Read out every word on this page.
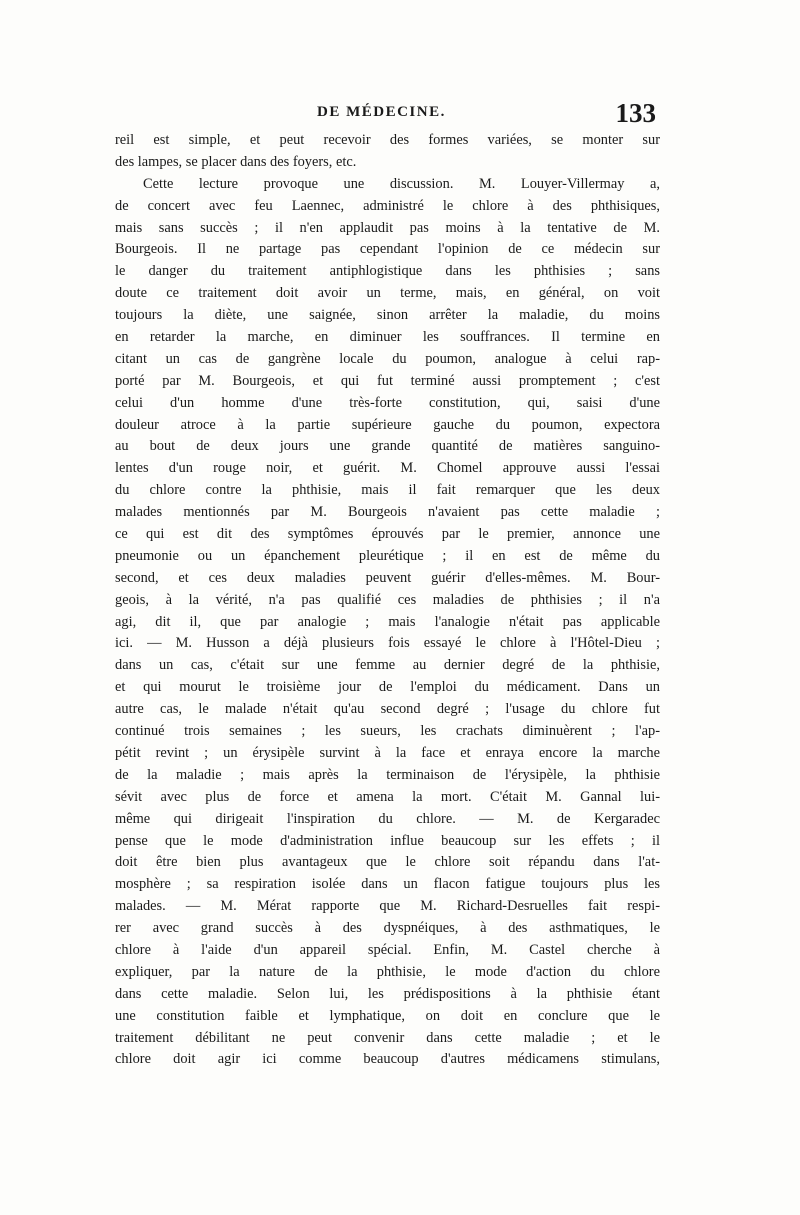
DE MÉDECINE.	133
reil est simple, et peut recevoir des formes variées, se monter sur
des lampes, se placer dans des foyers, etc.
Cette lecture provoque une discussion. M. Louyer-Villermay a,
de concert avec feu Laennec, administré le chlore à des phthisiques,
mais sans succès ; il n'en applaudit pas moins à la tentative de M.
Bourgeois. Il ne partage pas cependant l'opinion de ce médecin sur
le danger du traitement antiphlogistique dans les phthisies ; sans
doute ce traitement doit avoir un terme, mais, en général, on voit
toujours la diète, une saignée, sinon arrêter la maladie, du moins
en retarder la marche, en diminuer les souffrances. Il termine en
citant un cas de gangrène locale du poumon, analogue à celui rap-
porté par M. Bourgeois, et qui fut terminé aussi promptement ; c'est
celui d'un homme d'une très-forte constitution, qui, saisi d'une
douleur atroce à la partie supérieure gauche du poumon, expectora
au bout de deux jours une grande quantité de matières sanguino-
lentes d'un rouge noir, et guérit. M. Chomel approuve aussi l'essai
du chlore contre la phthisie, mais il fait remarquer que les deux
malades mentionnés par M. Bourgeois n'avaient pas cette maladie ;
ce qui est dit des symptômes éprouvés par le premier, annonce une
pneumonie ou un épanchement pleurétique ; il en est de même du
second, et ces deux maladies peuvent guérir d'elles-mêmes. M. Bour-
geois, à la vérité, n'a pas qualifié ces maladies de phthisies ; il n'a
agi, dit il, que par analogie ; mais l'analogie n'était pas applicable
ici. — M. Husson a déjà plusieurs fois essayé le chlore à l'Hôtel-Dieu ;
dans un cas, c'était sur une femme au dernier degré de la phthisie,
et qui mourut le troisième jour de l'emploi du médicament. Dans un
autre cas, le malade n'était qu'au second degré ; l'usage du chlore fut
continué trois semaines ; les sueurs, les crachats diminuèrent ; l'ap-
pétit revint ; un érysipèle survint à la face et enraya encore la marche
de la maladie ; mais après la terminaison de l'érysipèle, la phthisie
sévit avec plus de force et amena la mort. C'était M. Gannal lui-
même qui dirigeait l'inspiration du chlore. — M. de Kergaradec
pense que le mode d'administration influe beaucoup sur les effets ; il
doit être bien plus avantageux que le chlore soit répandu dans l'at-
mosphère ; sa respiration isolée dans un flacon fatigue toujours plus les
malades. — M. Mérat rapporte que M. Richard-Desruelles fait respi-
rer avec grand succès à des dyspnéiques, à des asthmatiques, le
chlore à l'aide d'un appareil spécial. Enfin, M. Castel cherche à
expliquer, par la nature de la phthisie, le mode d'action du chlore
dans cette maladie. Selon lui, les prédispositions à la phthisie étant
une constitution faible et lymphatique, on doit en conclure que le
traitement débilitant ne peut convenir dans cette maladie ; et le
chlore doit agir ici comme beaucoup d'autres médicamens stimulans,
